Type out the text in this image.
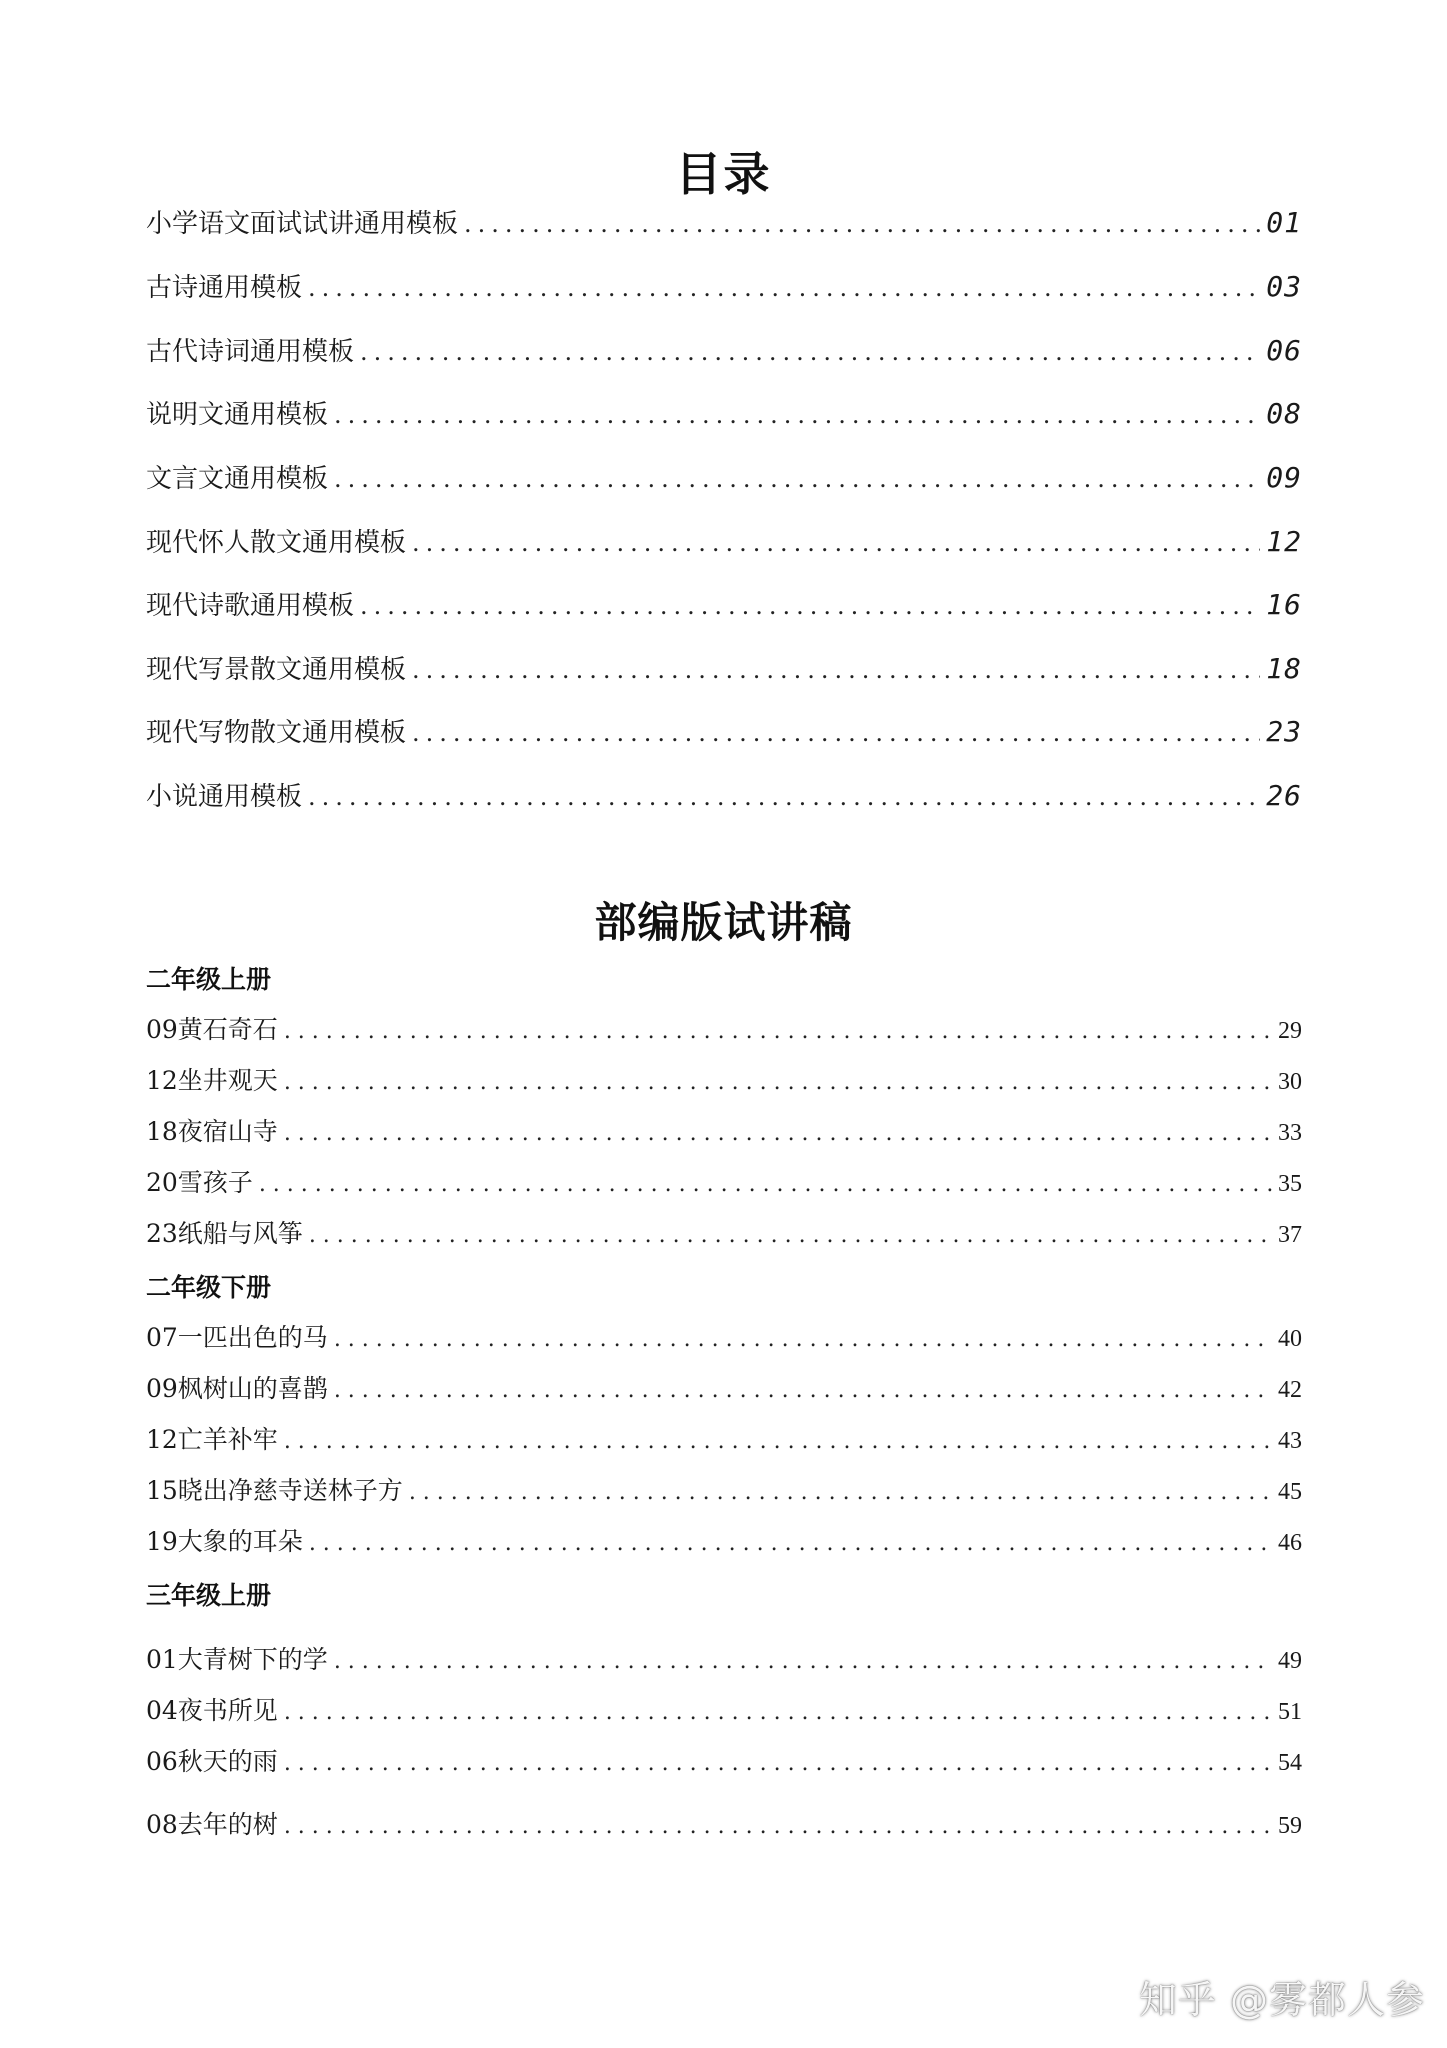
目录
小学语文面试试讲通用模板 .....	01
古诗通用模板 .....	03
古代诗词通用模板 .....	06
说明文通用模板 .....	08
文言文通用模板 .....	09
现代怀人散文通用模板 .....	12
现代诗歌通用模板 .....	16
现代写景散文通用模板 .....	18
现代写物散文通用模板 .....	23
小说通用模板 .....	26
部编版试讲稿
二年级上册
09黄石奇石 .....	29
12坐井观天 .....	30
18夜宿山寺 .....	33
20雪孩子 .....	35
23纸船与风筝 .....	37
二年级下册
07一匹出色的马 .....	40
09枫树山的喜鹊 .....	42
12亡羊补牢 .....	43
15晓出净慈寺送林子方 .....	45
19大象的耳朵 .....	46
三年级上册
01大青树下的学 .....	49
04夜书所见 .....	51
06秋天的雨 .....	54
08去年的树 .....	59
知乎 @雾都人参
